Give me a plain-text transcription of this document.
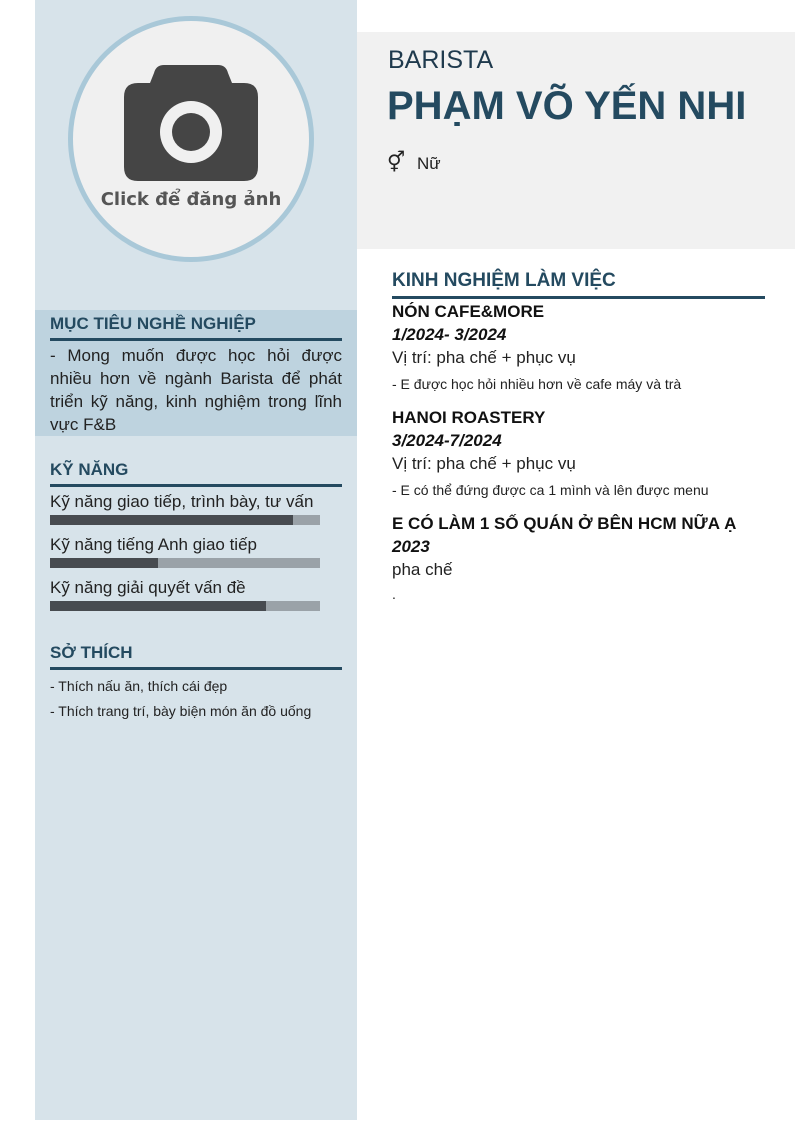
Click để đăng ảnh
MỤC TIÊU NGHỀ NGHIỆP
- Mong muốn được học hỏi được nhiều hơn về ngành Barista để phát triển kỹ năng, kinh nghiệm trong lĩnh vực F&B
KỸ NĂNG
Kỹ năng giao tiếp, trình bày, tư vấn
Kỹ năng tiếng Anh giao tiếp
Kỹ năng giải quyết vấn đề
SỞ THÍCH
- Thích nấu ăn, thích cái đẹp
- Thích trang trí, bày biện món ăn đồ uống
BARISTA
PHẠM VÕ YẾN NHI
⚥ Nữ
KINH NGHIỆM LÀM VIỆC
NÓN CAFE&MORE
1/2024- 3/2024
Vị trí: pha chế + phục vụ
- E được học hỏi nhiều hơn về cafe máy và trà
HANOI ROASTERY
3/2024-7/2024
Vị trí: pha chế + phục vụ
- E có thể đứng được ca 1 mình và lên được menu
E CÓ LÀM 1 SỐ QUÁN Ở BÊN HCM NỮA Ạ
2023
pha chế
.
